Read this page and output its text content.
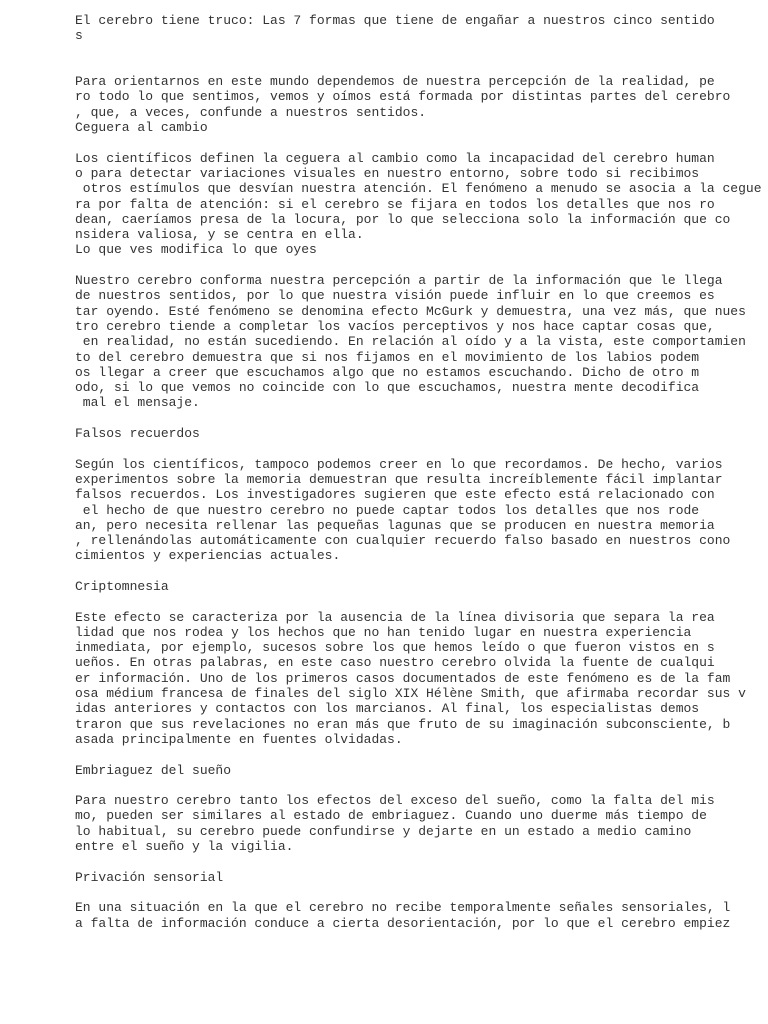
El cerebro tiene truco: Las 7 formas que tiene de engañar a nuestros cinco sentido
s
Para orientarnos en este mundo dependemos de nuestra percepción de la realidad, pe
ro todo lo que sentimos, vemos y oímos está formada por distintas partes del cerebro
, que, a veces, confunde a nuestros sentidos.
Ceguera al cambio
Los científicos definen la ceguera al cambio como la incapacidad del cerebro human
o para detectar variaciones visuales en nuestro entorno, sobre todo si recibimos
otros estímulos que desvían nuestra atención. El fenómeno a menudo se asocia a la cegue
ra por falta de atención: si el cerebro se fijara en todos los detalles que nos ro
dean, caeríamos presa de la locura, por lo que selecciona solo la información que co
nsidera valiosa, y se centra en ella.
Lo que ves modifica lo que oyes
Nuestro cerebro conforma nuestra percepción a partir de la información que le llega
de nuestros sentidos, por lo que nuestra visión puede influir en lo que creemos es
tar oyendo. Esté fenómeno se denomina efecto McGurk y demuestra, una vez más, que nues
tro cerebro tiende a completar los vacíos perceptivos y nos hace captar cosas que,
en realidad, no están sucediendo. En relación al oído y a la vista, este comportamien
to del cerebro demuestra que si nos fijamos en el movimiento de los labios podem
os llegar a creer que escuchamos algo que no estamos escuchando. Dicho de otro m
odo, si lo que vemos no coincide con lo que escuchamos, nuestra mente decodifica
mal el mensaje.
Falsos recuerdos
Según los científicos, tampoco podemos creer en lo que recordamos. De hecho, varios
experimentos sobre la memoria demuestran que resulta increíblemente fácil implantar
falsos recuerdos. Los investigadores sugieren que este efecto está relacionado con
el hecho de que nuestro cerebro no puede captar todos los detalles que nos rode
an, pero necesita rellenar las pequeñas lagunas que se producen en nuestra memoria
, rellenándolas automáticamente con cualquier recuerdo falso basado en nuestros cono
cimientos y experiencias actuales.
Criptomnesia
Este efecto se caracteriza por la ausencia de la línea divisoria que separa la rea
lidad que nos rodea y los hechos que no han tenido lugar en nuestra experiencia
inmediata, por ejemplo, sucesos sobre los que hemos leído o que fueron vistos en s
ueños. En otras palabras, en este caso nuestro cerebro olvida la fuente de cualqui
er información. Uno de los primeros casos documentados de este fenómeno es de la fam
osa médium francesa de finales del siglo XIX Hélène Smith, que afirmaba recordar sus v
idas anteriores y contactos con los marcianos. Al final, los especialistas demos
traron que sus revelaciones no eran más que fruto de su imaginación subconsciente, b
asada principalmente en fuentes olvidadas.
Embriaguez del sueño
Para nuestro cerebro tanto los efectos del exceso del sueño, como la falta del mis
mo, pueden ser similares al estado de embriaguez. Cuando uno duerme más tiempo de
lo habitual, su cerebro puede confundirse y dejarte en un estado a medio camino
entre el sueño y la vigilia.
Privación sensorial
En una situación en la que el cerebro no recibe temporalmente señales sensoriales, l
a falta de información conduce a cierta desorientación, por lo que el cerebro empiez
